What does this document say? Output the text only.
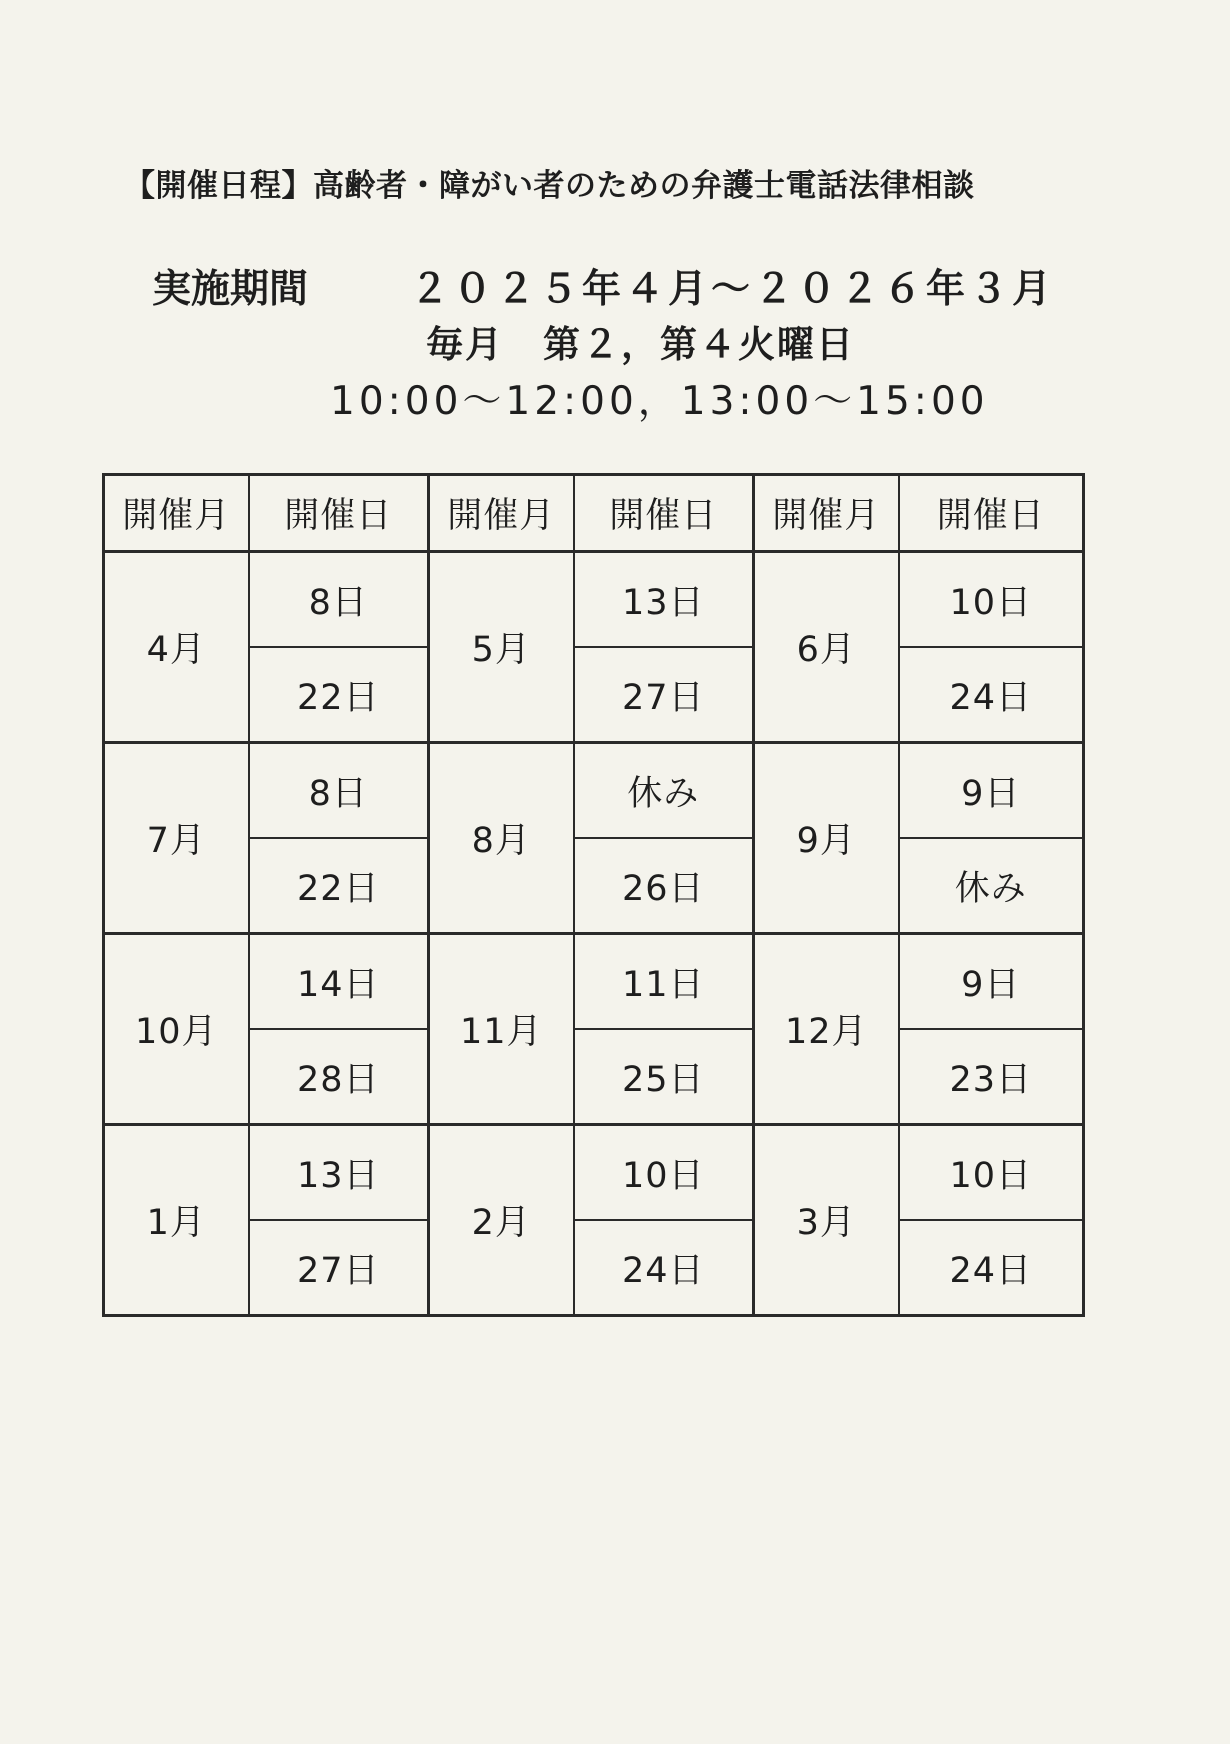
【開催日程】高齢者・障がい者のための弁護士電話法律相談
実施期間	２０２５年４月～２０２６年３月
毎月　第２，第４火曜日
10:00～12:00，13:00～15:00
開催月	開催日	開催月	開催日	開催月	開催日
4月	8日	5月	13日	6月	10日
	22日		27日		24日
7月	8日	8月	休み	9月	9日
	22日		26日		休み
10月	14日	11月	11日	12月	9日
	28日		25日		23日
1月	13日	2月	10日	3月	10日
	27日		24日		24日
